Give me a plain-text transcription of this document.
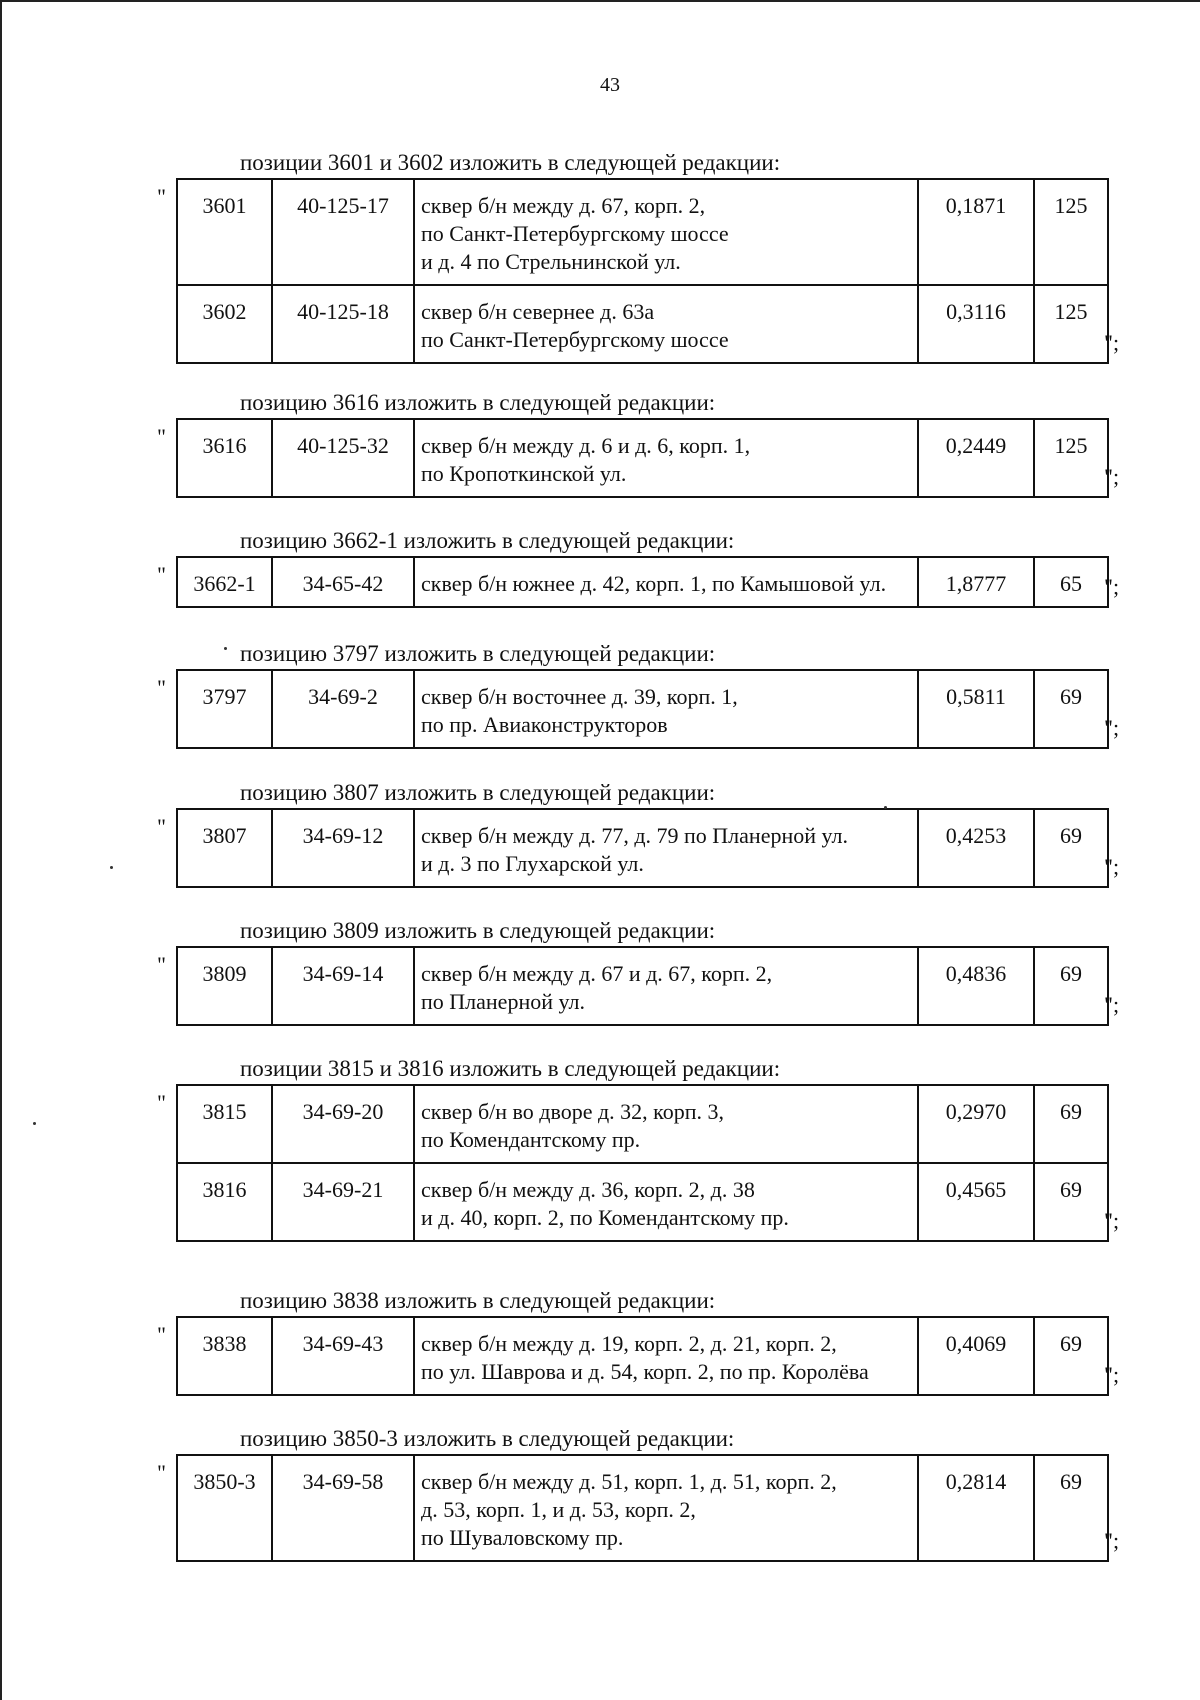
43
позиции 3601 и 3602 изложить в следующей редакции:
" 3601	40-125-17	сквер б/н между д. 67, корп. 2,
по Санкт-Петербургскому шоссе
и д. 4 по Стрельнинской ул.	0,1871	125	
3602	40-125-18	сквер б/н севернее д. 63а
по Санкт-Петербургскому шоссе	0,3116	125	
";
позицию 3616 изложить в следующей редакции:
" 3616	40-125-32	сквер б/н между д. 6 и д. 6, корп. 1,
по Кропоткинской ул.	0,2449	125	
";
позицию 3662-1 изложить в следующей редакции:
" 3662-1	34-65-42	сквер б/н южнее д. 42, корп. 1, по Камышовой ул.	1,8777	65	";
позицию 3797 изложить в следующей редакции:
" 3797	34-69-2	сквер б/н восточнее д. 39, корп. 1,
по пр. Авиаконструкторов	0,5811	69	
";
позицию 3807 изложить в следующей редакции:
" 3807	34-69-12	сквер б/н между д. 77, д. 79 по Планерной ул.
и д. 3 по Глухарской ул.	0,4253	69	
";
позицию 3809 изложить в следующей редакции:
" 3809	34-69-14	сквер б/н между д. 67 и д. 67, корп. 2,
по Планерной ул.	0,4836	69	
";
позиции 3815 и 3816 изложить в следующей редакции:
" 3815	34-69-20	сквер б/н во дворе д. 32, корп. 3,
по Комендантскому пр.	0,2970	69	
3816	34-69-21	сквер б/н между д. 36, корп. 2, д. 38
и д. 40, корп. 2, по Комендантскому пр.	0,4565	69	
";
позицию 3838 изложить в следующей редакции:
" 3838	34-69-43	сквер б/н между д. 19, корп. 2, д. 21, корп. 2,
по ул. Шаврова и д. 54, корп. 2, по пр. Королёва	0,4069	69	
";
позицию 3850-3 изложить в следующей редакции:
" 3850-3	34-69-58	сквер б/н между д. 51, корп. 1, д. 51, корп. 2,
д. 53, корп. 1, и д. 53, корп. 2,
по Шуваловскому пр.	0,2814	69	
";
